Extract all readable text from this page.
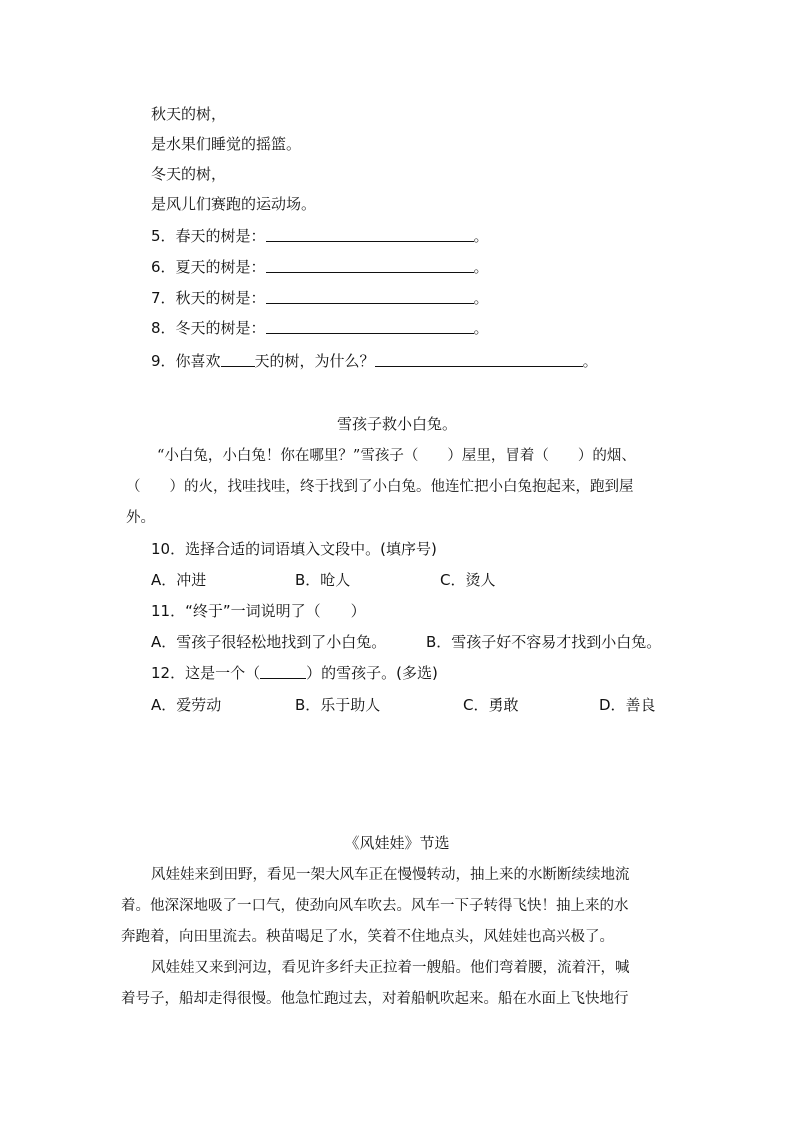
秋天的树，
是水果们睡觉的摇篮。
冬天的树，
是风儿们赛跑的运动场。
5．春天的树是：	。
6．夏天的树是：	。
7．秋天的树是：	。
8．冬天的树是：	。
9．你喜欢 天的树，为什么？	。
雪孩子救小白兔。
“小白兔，小白兔！你在哪里？”雪孩子（　　）屋里，冒着（　　）的烟、
（　　）的火，找哇找哇，终于找到了小白兔。他连忙把小白兔抱起来，跑到屋
外。
10．选择合适的词语填入文段中。(填序号)
A．冲进	B．呛人	C．烫人
11．“终于”一词说明了（　　）
A．雪孩子很轻松地找到了小白兔。	B．雪孩子好不容易才找到小白兔。
12．这是一个（	）的雪孩子。(多选)
A．爱劳动	B．乐于助人	C．勇敢	D．善良
《风娃娃》节选
风娃娃来到田野，看见一架大风车正在慢慢转动，抽上来的水断断续续地流
着。他深深地吸了一口气，使劲向风车吹去。风车一下子转得飞快！抽上来的水
奔跑着，向田里流去。秧苗喝足了水，笑着不住地点头，风娃娃也高兴极了。
风娃娃又来到河边，看见许多纤夫正拉着一艘船。他们弯着腰，流着汗，喊
着号子，船却走得很慢。他急忙跑过去，对着船帆吹起来。船在水面上飞快地行
